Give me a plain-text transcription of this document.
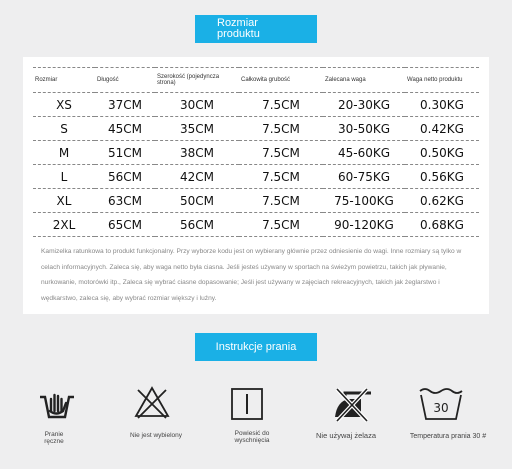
Rozmiar produktu
Rozmiar	Długość	Szerokość (pojedyncza strona)	Całkowita grubość	Zalecana waga	Waga netto produktu
XS	37CM	30CM	7.5CM	20-30KG	0.30KG
S	45CM	35CM	7.5CM	30-50KG	0.42KG
M	51CM	38CM	7.5CM	45-60KG	0.50KG
L	56CM	42CM	7.5CM	60-75KG	0.56KG
XL	63CM	50CM	7.5CM	75-100KG	0.62KG
2XL	65CM	56CM	7.5CM	90-120KG	0.68KG
Kamizelka ratunkowa to produkt funkcjonalny. Przy wyborze kodu jest on wybierany głównie przez odniesienie do wagi. Inne rozmiary są tylko w celach informacyjnych. Zaleca się, aby waga netto była ciasna. Jeśli jesteś używany w sportach na świeżym powietrzu, takich jak pływanie, nurkowanie, motorówki itp., Zaleca się wybrać ciasne dopasowanie; Jeśli jest używany w zajęciach rekreacyjnych, takich jak żeglarstwo i wędkarstwo, zaleca się, aby wybrać rozmiar większy i luźny.
Instrukcje prania
Pranie ręczne
Nie jest wybielony	Powiesić do wyschnięcia
Nie używaj żelaza
30
Temperatura prania 30 #
